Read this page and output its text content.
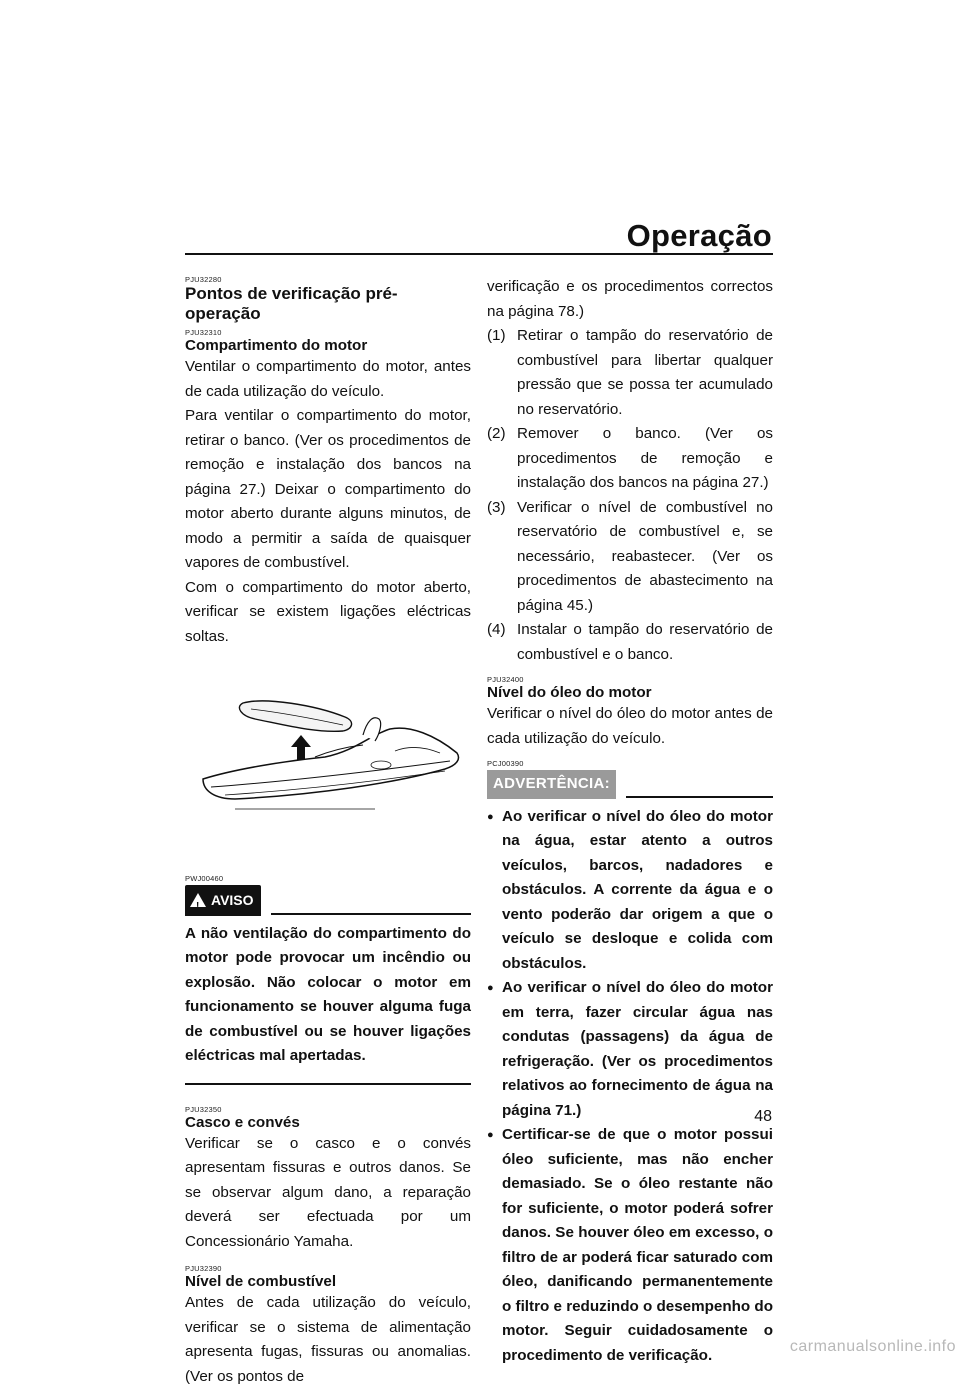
Operação
PJU32280
Pontos de verificação pré-operação
PJU32310
Compartimento do motor

Ventilar o compartimento do motor, antes de cada utilização do veículo.

Para ventilar o compartimento do motor, retirar o banco. (Ver os procedimentos de remoção e instalação dos bancos na página 27.) Deixar o compartimento do motor aberto durante alguns minutos, de modo a permitir a saída de quaisquer vapores de combustível.

Com o compartimento do motor aberto, verificar se existem ligações eléctricas soltas.

PWJ00460
! AVISO

A não ventilação do compartimento do motor pode provocar um incêndio ou explosão. Não colocar o motor em funcionamento se houver alguma fuga de combustível ou se houver ligações eléctricas mal apertadas.

PJU32350
Casco e convés

Verificar se o casco e o convés apresentam fissuras e outros danos. Se se observar algum dano, a reparação deverá ser efectuada por um Concessionário Yamaha.

PJU32390
Nível de combustível

Antes de cada utilização do veículo, verificar se o sistema de alimentação apresenta fugas, fissuras ou anomalias. (Ver os pontos de

verificação e os procedimentos correctos na página 78.)

(1) Retirar o tampão do reservatório de combustível para libertar qualquer pressão que se possa ter acumulado no reservatório.
(2) Remover o banco. (Ver os procedimentos de remoção e instalação dos bancos na página 27.)
(3) Verificar o nível de combustível no reservatório de combustível e, se necessário, reabastecer. (Ver os procedimentos de abastecimento na página 45.)
(4) Instalar o tampão do reservatório de combustível e o banco.
PJU32400
Nível do óleo do motor

Verificar o nível do óleo do motor antes de cada utilização do veículo.

PCJ00390
ADVERTÊNCIA:
● Ao verificar o nível do óleo do motor na água, estar atento a outros veículos, barcos, nadadores e obstáculos. A corrente da água e o vento poderão dar origem a que o veículo se desloque e colida com obstáculos.
● Ao verificar o nível do óleo do motor em terra, fazer circular água nas condutas (passagens) da água de refrigeração. (Ver os procedimentos relativos ao fornecimento de água na página 71.)
● Certificar-se de que o motor possui óleo suficiente, mas não encher demasiado. Se o óleo restante não for suficiente, o motor poderá sofrer danos. Se houver óleo em excesso, o filtro de ar poderá ficar saturado com óleo, danificando permanentemente o filtro e reduzindo o desempenho do motor. Seguir cuidadosamente o procedimento de verificação.
48
carmanualsonline.info
